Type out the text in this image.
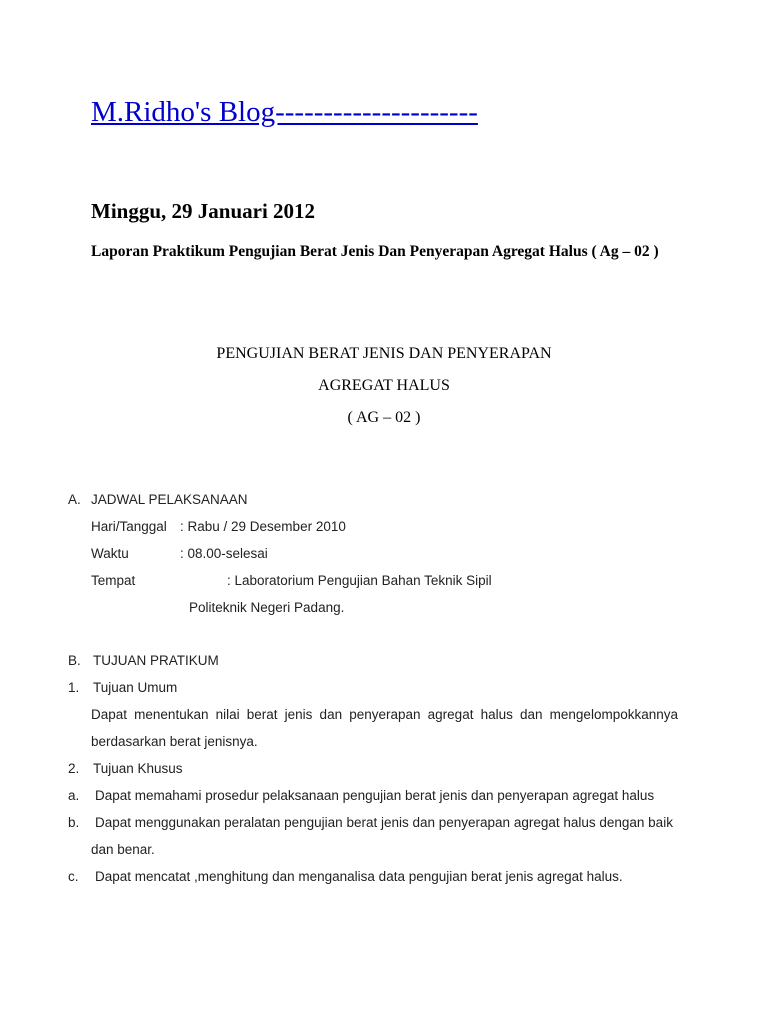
M.Ridho's Blog---------------------
Minggu, 29 Januari 2012
Laporan Praktikum Pengujian Berat Jenis Dan Penyerapan Agregat Halus ( Ag – 02 )
PENGUJIAN BERAT JENIS DAN PENYERAPAN
AGREGAT HALUS
( AG – 02 )
A. JADWAL PELAKSANAAN
Hari/Tanggal : Rabu / 29 Desember 2010
Waktu	: 08.00-selesai
Tempat	: Laboratorium Pengujian Bahan Teknik Sipil
Politeknik Negeri Padang.
B. TUJUAN PRATIKUM
1. Tujuan Umum
Dapat menentukan nilai berat jenis dan penyerapan agregat halus dan mengelompokkannya
berdasarkan berat jenisnya.
2. Tujuan Khusus
a. Dapat memahami prosedur pelaksanaan pengujian berat jenis dan penyerapan agregat halus
b. Dapat menggunakan peralatan pengujian berat jenis dan penyerapan agregat halus dengan baik
dan benar.
c. Dapat mencatat ,menghitung dan menganalisa data pengujian berat jenis agregat halus.
